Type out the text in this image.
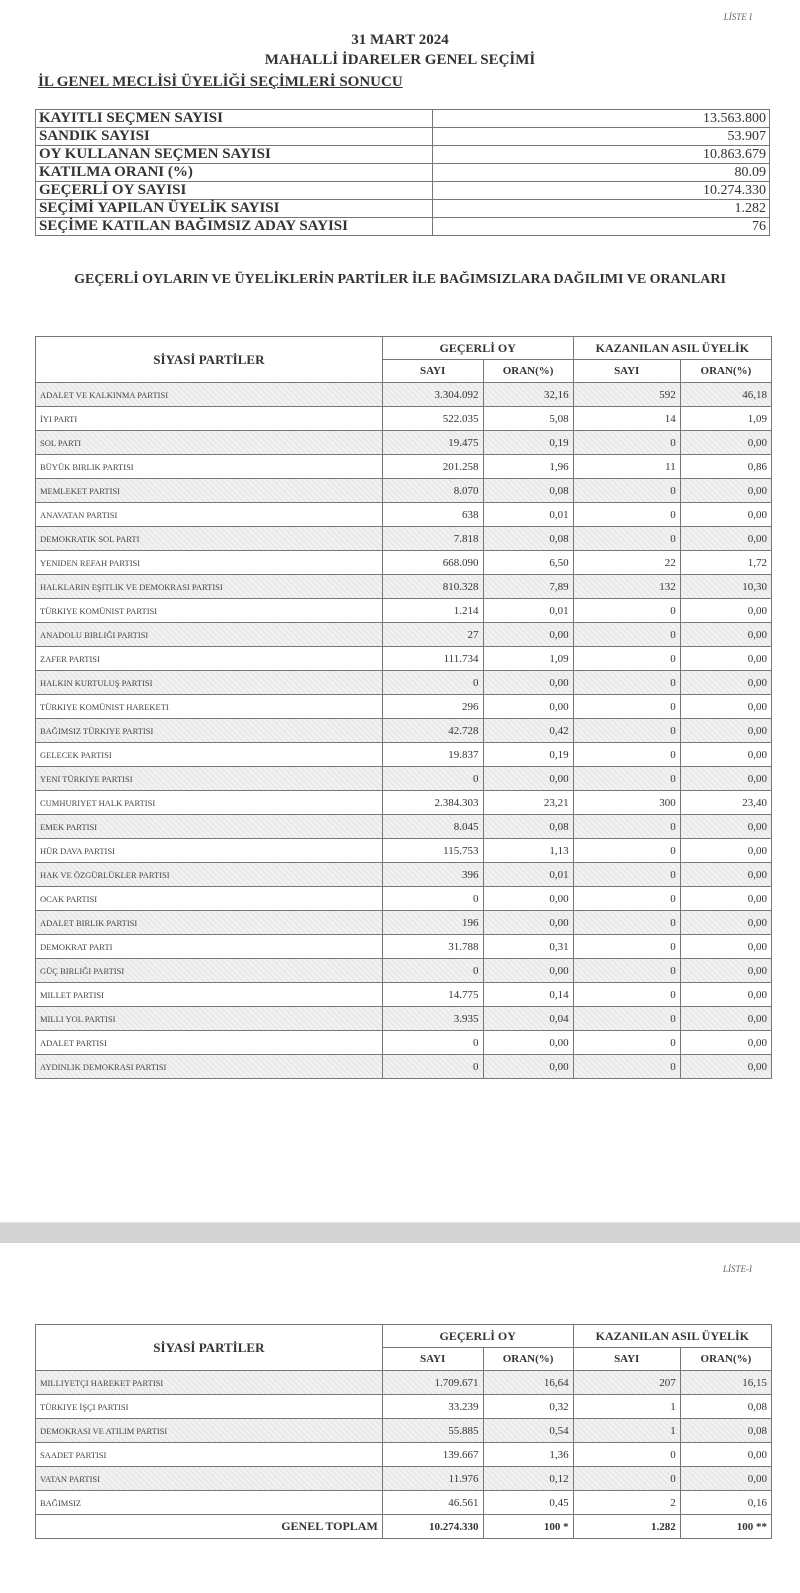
LİSTE I
31 MART 2024
MAHALLİ İDARELER GENEL SEÇİMİ
İL GENEL MECLİSİ ÜYELİĞİ SEÇİMLERİ SONUCU
KAYITLI SEÇMEN SAYISI	13.563.800
SANDIK SAYISI	53.907
OY KULLANAN SEÇMEN SAYISI	10.863.679
KATILMA ORANI (%)	80.09
GEÇERLİ OY SAYISI	10.274.330
SEÇİMİ YAPILAN ÜYELİK SAYISI	1.282
SEÇİME KATILAN BAĞIMSIZ ADAY SAYISI	76
GEÇERLİ OYLARIN VE ÜYELİKLERİN PARTİLER İLE BAĞIMSIZLARA DAĞILIMI VE ORANLARI
SİYASİ PARTİLER	GEÇERLİ OY		KAZANILAN ASIL ÜYELİK	
	SAYI	ORAN(%)	SAYI	ORAN(%)
ADALET VE KALKINMA PARTISI	3.304.092	32,16	592	46,18
İYI PARTI	522.035	5,08	14	1,09
SOL PARTI	19.475	0,19	0	0,00
BÜYÜK BIRLIK PARTISI	201.258	1,96	11	0,86
MEMLEKET PARTISI	8.070	0,08	0	0,00
ANAVATAN PARTISI	638	0,01	0	0,00
DEMOKRATIK SOL PARTI	7.818	0,08	0	0,00
YENIDEN REFAH PARTISI	668.090	6,50	22	1,72
HALKLARIN EŞITLIK VE DEMOKRASI PARTISI	810.328	7,89	132	10,30
TÜRKIYE KOMÜNIST PARTISI	1.214	0,01	0	0,00
ANADOLU BIRLIĞI PARTISI	27	0,00	0	0,00
ZAFER PARTISI	111.734	1,09	0	0,00
HALKIN KURTULUŞ PARTISI	0	0,00	0	0,00
TÜRKIYE KOMÜNIST HAREKETI	296	0,00	0	0,00
BAĞIMSIZ TÜRKIYE PARTISI	42.728	0,42	0	0,00
GELECEK PARTISI	19.837	0,19	0	0,00
YENI TÜRKIYE PARTISI	0	0,00	0	0,00
CUMHURIYET HALK PARTISI	2.384.303	23,21	300	23,40
EMEK PARTISI	8.045	0,08	0	0,00
HÜR DAVA PARTISI	115.753	1,13	0	0,00
HAK VE ÖZGÜRLÜKLER PARTISI	396	0,01	0	0,00
OCAK PARTISI	0	0,00	0	0,00
ADALET BIRLIK PARTISI	196	0,00	0	0,00
DEMOKRAT PARTI	31.788	0,31	0	0,00
GÜÇ BIRLIĞI PARTISI	0	0,00	0	0,00
MILLET PARTISI	14.775	0,14	0	0,00
MILLI YOL PARTISI	3.935	0,04	0	0,00
ADALET PARTISI	0	0,00	0	0,00
AYDINLIK DEMOKRASI PARTISI	0	0,00	0	0,00
LİSTE-I
SİYASİ PARTİLER	GEÇERLİ OY		KAZANILAN ASIL ÜYELİK	
	SAYI	ORAN(%)	SAYI	ORAN(%)
MILLIYETÇI HAREKET PARTISI	1.709.671	16,64	207	16,15
TÜRKIYE İŞÇI PARTISI	33.239	0,32	1	0,08
DEMOKRASI VE ATILIM PARTISI	55.885	0,54	1	0,08
SAADET PARTISI	139.667	1,36	0	0,00
VATAN PARTISI	11.976	0,12	0	0,00
BAĞIMSIZ	46.561	0,45	2	0,16
GENEL TOPLAM	10.274.330	100 *	1.282	100 **
